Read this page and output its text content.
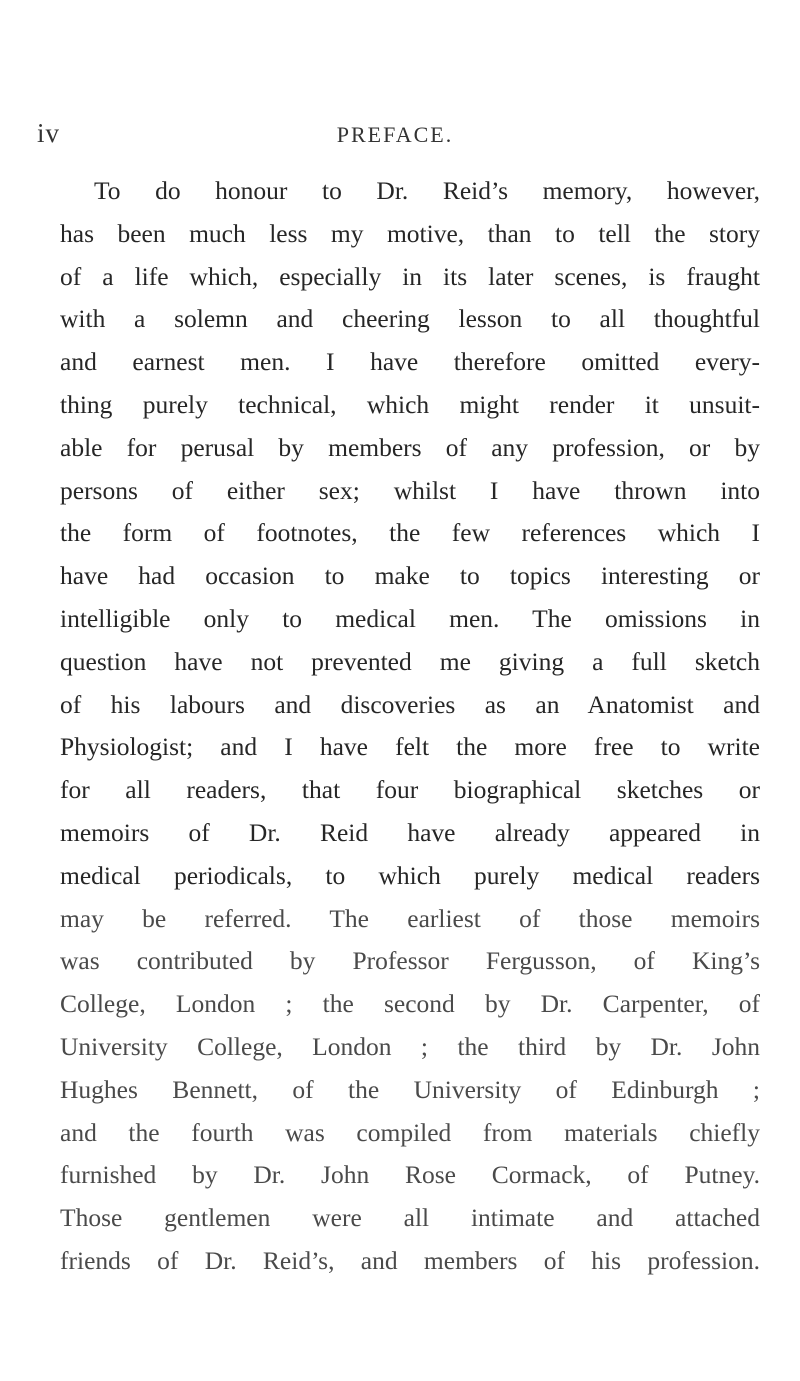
iv	PREFACE.
To do honour to Dr. Reid’s memory, however,
has been much less my motive, than to tell the story
of a life which, especially in its later scenes, is fraught
with a solemn and cheering lesson to all thoughtful
and earnest men. I have therefore omitted every-
thing purely technical, which might render it unsuit-
able for perusal by members of any profession, or by
persons of either sex; whilst I have thrown into
the form of footnotes, the few references which I
have had occasion to make to topics interesting or
intelligible only to medical men. The omissions in
question have not prevented me giving a full sketch
of his labours and discoveries as an Anatomist and
Physiologist; and I have felt the more free to write
for all readers, that four biographical sketches or
memoirs of Dr. Reid have already appeared in
medical periodicals, to which purely medical readers
may be referred. The earliest of those memoirs
was contributed by Professor Fergusson, of King’s
College, London ; the second by Dr. Carpenter, of
University College, London ; the third by Dr. John
Hughes Bennett, of the University of Edinburgh ;
and the fourth was compiled from materials chiefly
furnished by Dr. John Rose Cormack, of Putney.
Those gentlemen were all intimate and attached
friends of Dr. Reid’s, and members of his profession.
